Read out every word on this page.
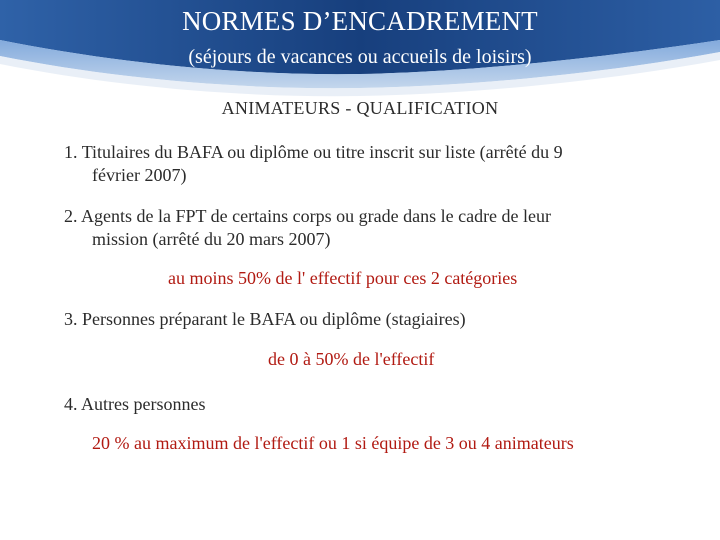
NORMES D’ENCADREMENT
(séjours de vacances ou accueils de loisirs)
ANIMATEURS - QUALIFICATION
1. Titulaires du BAFA ou diplôme ou titre inscrit sur liste (arrêté du 9
février 2007)
2. Agents de la FPT de certains corps ou grade dans le cadre de leur
mission (arrêté du 20 mars 2007)
au moins 50% de l' effectif pour ces 2 catégories
3. Personnes préparant le BAFA ou diplôme (stagiaires)
de 0 à 50% de l'effectif
4. Autres personnes
20 % au maximum de l'effectif ou 1 si équipe de 3 ou 4 animateurs
